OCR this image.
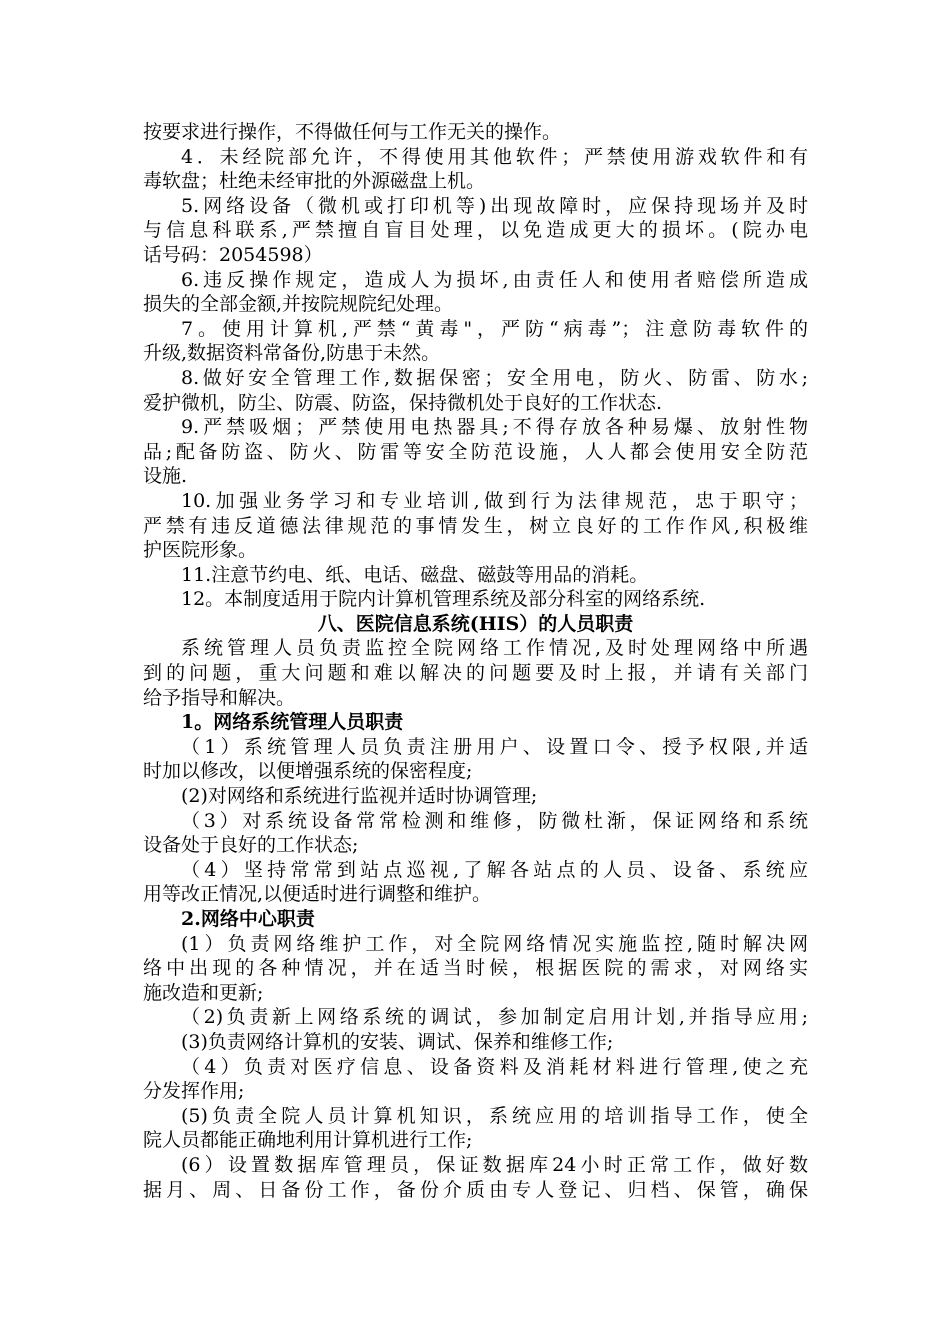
按要求进行操作，不得做任何与工作无关的操作。
4．未经院部允许，不得使用其他软件；严禁使用游戏软件和有
毒软盘；杜绝未经审批的外源磁盘上机。
5.网络设备（微机或打印机等)出现故障时，应保持现场并及时
与信息科联系,严禁擅自盲目处理，以免造成更大的损坏。(院办电
话号码：2054598）
6.违反操作规定，造成人为损坏,由责任人和使用者赔偿所造成
损失的全部金额,并按院规院纪处理。
7。使用计算机,严禁“黄毒"，严防“病毒”；注意防毒软件的
升级,数据资料常备份,防患于未然。
8.做好安全管理工作,数据保密；安全用电，防火、防雷、防水;
爱护微机，防尘、防震、防盗，保持微机处于良好的工作状态.
9.严禁吸烟；严禁使用电热器具;不得存放各种易爆、放射性物
品;配备防盗、防火、防雷等安全防范设施，人人都会使用安全防范
设施.
10.加强业务学习和专业培训,做到行为法律规范，忠于职守；
严禁有违反道德法律规范的事情发生，树立良好的工作作风,积极维
护医院形象。
11.注意节约电、纸、电话、磁盘、磁鼓等用品的消耗。
12。本制度适用于院内计算机管理系统及部分科室的网络系统.
八、医院信息系统(HIS）的人员职责
系统管理人员负责监控全院网络工作情况,及时处理网络中所遇
到的问题，重大问题和难以解决的问题要及时上报，并请有关部门
给予指导和解决。
1。网络系统管理人员职责
（1）系统管理人员负责注册用户、设置口令、授予权限,并适
时加以修改，以便增强系统的保密程度;
(2)对网络和系统进行监视并适时协调管理;
（3）对系统设备常常检测和维修，防微杜渐，保证网络和系统
设备处于良好的工作状态;
（4）坚持常常到站点巡视,了解各站点的人员、设备、系统应
用等改正情况,以便适时进行调整和维护。
2.网络中心职责
(1）负责网络维护工作，对全院网络情况实施监控,随时解决网
络中出现的各种情况，并在适当时候，根据医院的需求，对网络实
施改造和更新;
（2)负责新上网络系统的调试，参加制定启用计划,并指导应用;
(3)负责网络计算机的安装、调试、保养和维修工作;
（4）负责对医疗信息、设备资料及消耗材料进行管理,使之充
分发挥作用;
(5)负责全院人员计算机知识，系统应用的培训指导工作，使全
院人员都能正确地利用计算机进行工作;
(6）设置数据库管理员，保证数据库24小时正常工作，做好数
据月、周、日备份工作，备份介质由专人登记、归档、保管，确保
